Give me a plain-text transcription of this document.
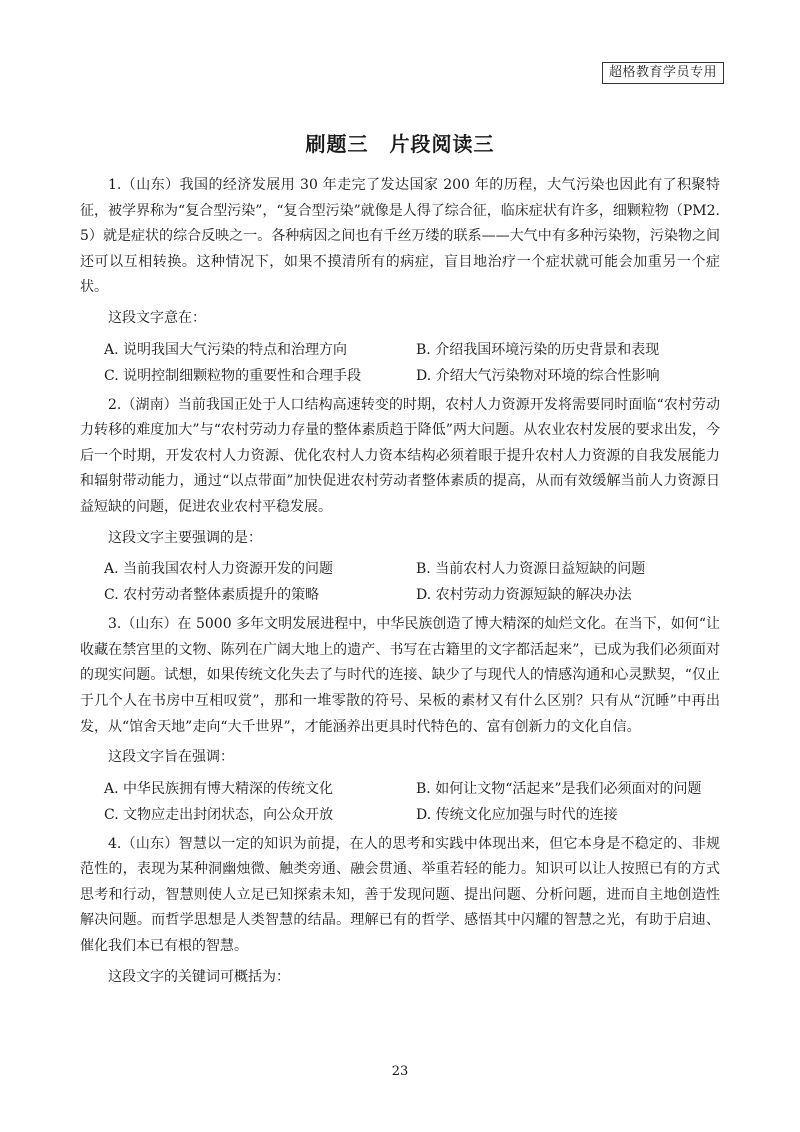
超格教育学员专用
刷题三　片段阅读三

1.（山东）我国的经济发展用 30 年走完了发达国家 200 年的历程，大气污染也因此有了积聚特征，被学界称为“复合型污染”，“复合型污染”就像是人得了综合征，临床症状有许多，细颗粒物（PM2. 5）就是症状的综合反映之一。各种病因之间也有千丝万缕的联系——大气中有多种污染物，污染物之间还可以互相转换。这种情况下，如果不摸清所有的病症，盲目地治疗一个症状就可能会加重另一个症状。

这段文字意在：

A. 说明我国大气污染的特点和治理方向	B. 介绍我国环境污染的历史背景和表现
C. 说明控制细颗粒物的重要性和合理手段	D. 介绍大气污染物对环境的综合性影响

2.（湖南）当前我国正处于人口结构高速转变的时期，农村人力资源开发将需要同时面临“农村劳动力转移的难度加大”与“农村劳动力存量的整体素质趋于降低”两大问题。从农业农村发展的要求出发，今后一个时期，开发农村人力资源、优化农村人力资本结构必须着眼于提升农村人力资源的自我发展能力和辐射带动能力，通过“以点带面”加快促进农村劳动者整体素质的提高，从而有效缓解当前人力资源日益短缺的问题，促进农业农村平稳发展。

这段文字主要强调的是：

A. 当前我国农村人力资源开发的问题	B. 当前农村人力资源日益短缺的问题
C. 农村劳动者整体素质提升的策略	D. 农村劳动力资源短缺的解决办法

3.（山东）在 5000 多年文明发展进程中，中华民族创造了博大精深的灿烂文化。在当下，如何“让收藏在禁宫里的文物、陈列在广阔大地上的遗产、书写在古籍里的文字都活起来”，已成为我们必须面对的现实问题。试想，如果传统文化失去了与时代的连接、缺少了与现代人的情感沟通和心灵默契，“仅止于几个人在书房中互相叹赏”，那和一堆零散的符号、呆板的素材又有什么区别？只有从“沉睡”中再出发，从“馆舍天地”走向“大千世界”，才能涵养出更具时代特色的、富有创新力的文化自信。

这段文字旨在强调：

A. 中华民族拥有博大精深的传统文化	B. 如何让文物“活起来”是我们必须面对的问题
C. 文物应走出封闭状态，向公众开放	D. 传统文化应加强与时代的连接

4.（山东）智慧以一定的知识为前提，在人的思考和实践中体现出来，但它本身是不稳定的、非规范性的，表现为某种洞幽烛微、触类旁通、融会贯通、举重若轻的能力。知识可以让人按照已有的方式思考和行动，智慧则使人立足已知探索未知，善于发现问题、提出问题、分析问题，进而自主地创造性解决问题。而哲学思想是人类智慧的结晶。理解已有的哲学、感悟其中闪耀的智慧之光，有助于启迪、催化我们本已有根的智慧。

这段文字的关键词可概括为：

23
